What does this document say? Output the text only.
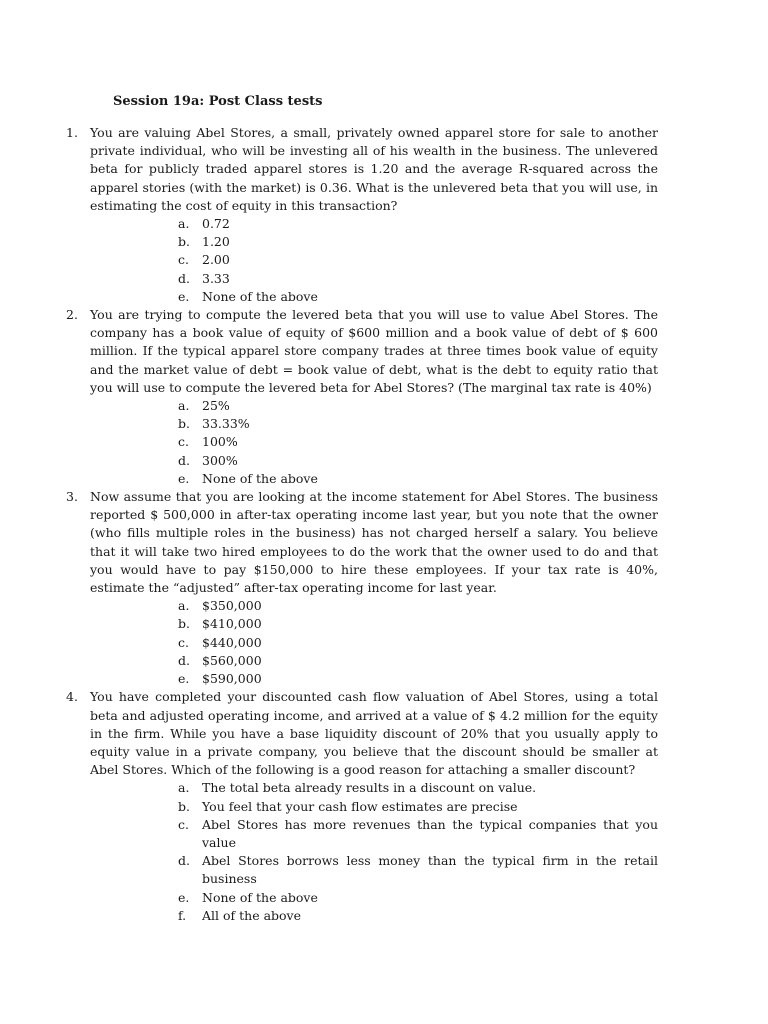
Session 19a: Post Class tests
1. You are valuing Abel Stores, a small, privately owned apparel store for sale to another private individual, who will be investing all of his wealth in the business. The unlevered beta for publicly traded apparel stores is 1.20 and the average R-squared across the apparel stories (with the market) is 0.36. What is the unlevered beta that you will use, in estimating the cost of equity in this transaction?
a. 0.72
b. 1.20
c. 2.00
d. 3.33
e. None of the above
2. You are trying to compute the levered beta that you will use to value Abel Stores. The company has a book value of equity of $600 million and a book value of debt of $ 600 million. If the typical apparel store company trades at three times book value of equity and the market value of debt = book value of debt, what is the debt to equity ratio that you will use to compute the levered beta for Abel Stores? (The marginal tax rate is 40%)
a. 25%
b. 33.33%
c. 100%
d. 300%
e. None of the above
3. Now assume that you are looking at the income statement for Abel Stores. The business reported $ 500,000 in after-tax operating income last year, but you note that the owner (who fills multiple roles in the business) has not charged herself a salary. You believe that it will take two hired employees to do the work that the owner used to do and that you would have to pay $150,000 to hire these employees. If your tax rate is 40%, estimate the “adjusted” after-tax operating income for last year.
a. $350,000
b. $410,000
c. $440,000
d. $560,000
e. $590,000
4. You have completed your discounted cash flow valuation of Abel Stores, using a total beta and adjusted operating income, and arrived at a value of $ 4.2 million for the equity in the firm. While you have a base liquidity discount of 20% that you usually apply to equity value in a private company, you believe that the discount should be smaller at Abel Stores. Which of the following is a good reason for attaching a smaller discount?
a. The total beta already results in a discount on value.
b. You feel that your cash flow estimates are precise
c. Abel Stores has more revenues than the typical companies that you value
d. Abel Stores borrows less money than the typical firm in the retail business
e. None of the above
f. All of the above
